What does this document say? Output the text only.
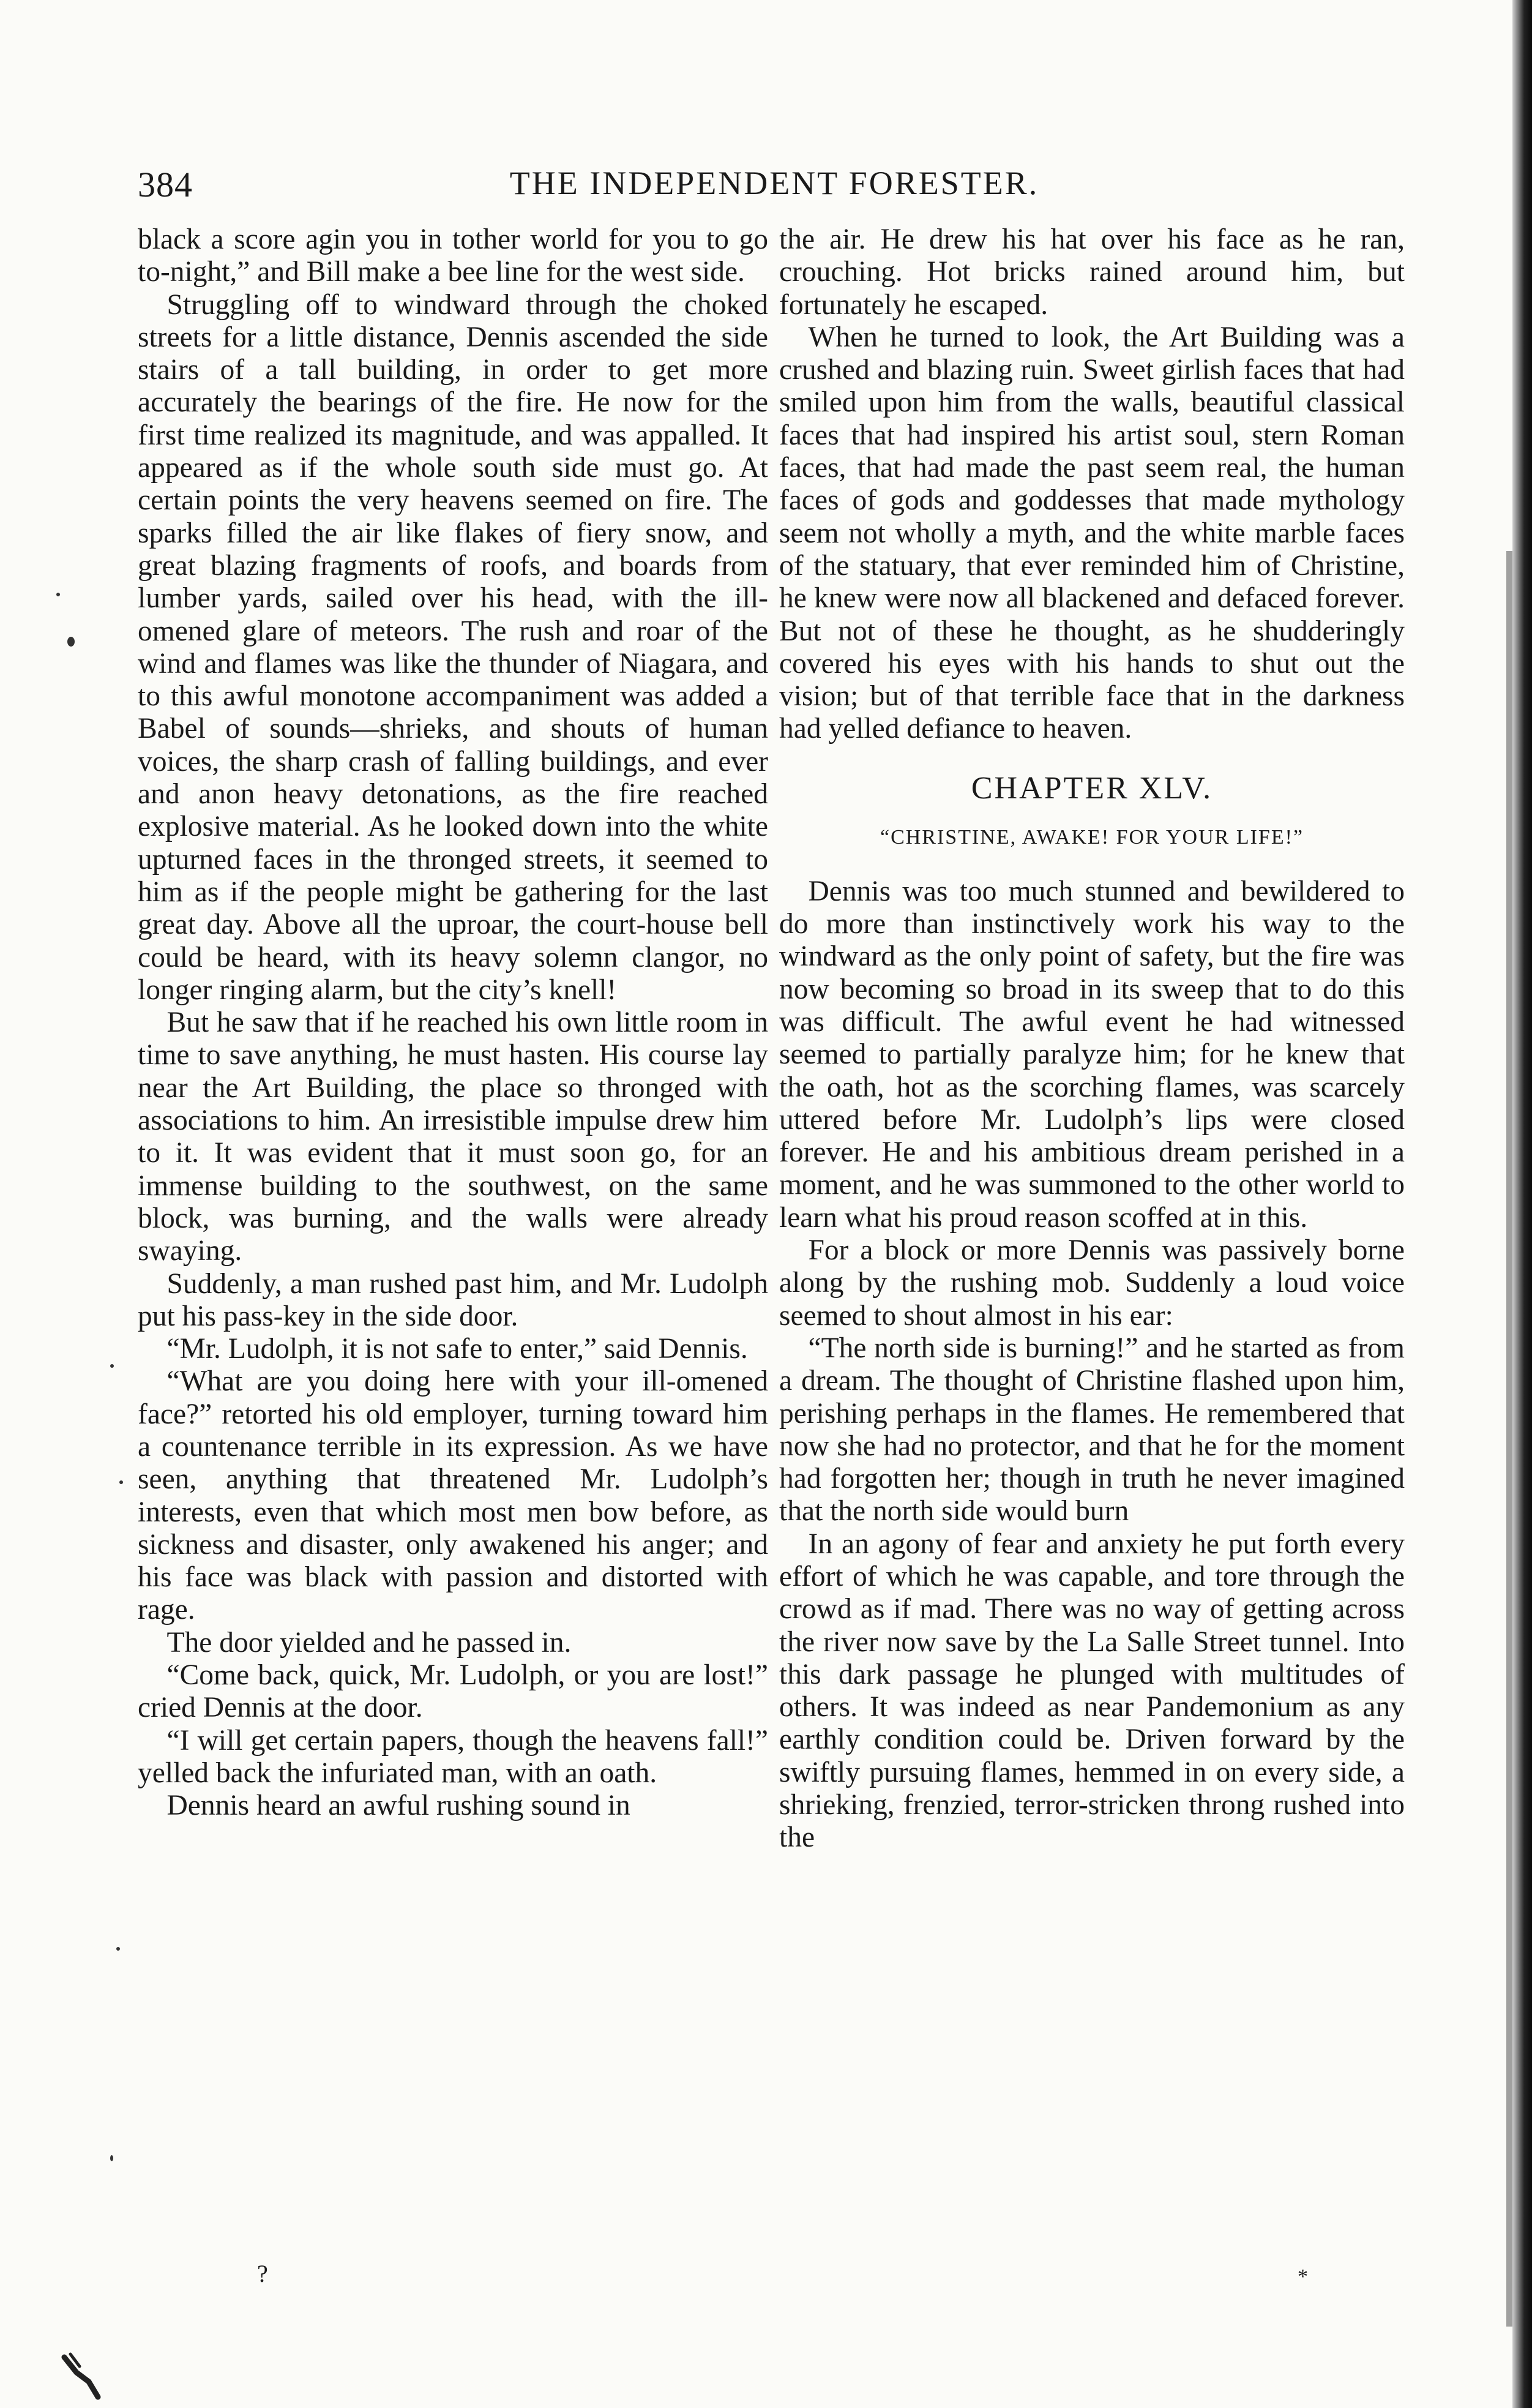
384	THE INDEPENDENT FORESTER.

black a score agin you in tother world for you to go to-night,” and Bill make a bee line for the west side.

Struggling off to windward through the choked streets for a little distance, Dennis ascended the side stairs of a tall building, in order to get more accurately the bearings of the fire. He now for the first time realized its magnitude, and was appalled. It appeared as if the whole south side must go. At certain points the very heavens seemed on fire. The sparks filled the air like flakes of fiery snow, and great blazing fragments of roofs, and boards from lumber yards, sailed over his head, with the ill-omened glare of meteors. The rush and roar of the wind and flames was like the thunder of Niagara, and to this awful monotone accompaniment was added a Babel of sounds—shrieks, and shouts of human voices, the sharp crash of falling buildings, and ever and anon heavy detonations, as the fire reached explosive material. As he looked down into the white upturned faces in the thronged streets, it seemed to him as if the people might be gathering for the last great day. Above all the uproar, the court-house bell could be heard, with its heavy solemn clangor, no longer ringing alarm, but the city’s knell!

But he saw that if he reached his own little room in time to save anything, he must hasten. His course lay near the Art Building, the place so thronged with associations to him. An irresistible impulse drew him to it. It was evident that it must soon go, for an immense building to the southwest, on the same block, was burning, and the walls were already swaying.

Suddenly, a man rushed past him, and Mr. Ludolph put his pass-key in the side door.

“Mr. Ludolph, it is not safe to enter,” said Dennis.

“What are you doing here with your ill-omened face?” retorted his old employer, turning toward him a countenance terrible in its expression. As we have seen, anything that threatened Mr. Ludolph’s interests, even that which most men bow before, as sickness and disaster, only awakened his anger; and his face was black with passion and distorted with rage.

The door yielded and he passed in.

“Come back, quick, Mr. Ludolph, or you are lost!” cried Dennis at the door.

“I will get certain papers, though the heavens fall!” yelled back the infuriated man, with an oath.

Dennis heard an awful rushing sound in

the air. He drew his hat over his face as he ran, crouching. Hot bricks rained around him, but fortunately he escaped.

When he turned to look, the Art Building was a crushed and blazing ruin. Sweet girlish faces that had smiled upon him from the walls, beautiful classical faces that had inspired his artist soul, stern Roman faces, that had made the past seem real, the human faces of gods and goddesses that made mythology seem not wholly a myth, and the white marble faces of the statuary, that ever reminded him of Christine, he knew were now all blackened and defaced forever. But not of these he thought, as he shudderingly covered his eyes with his hands to shut out the vision; but of that terrible face that in the darkness had yelled defiance to heaven.

CHAPTER XLV.
“CHRISTINE, AWAKE! FOR YOUR LIFE!”

Dennis was too much stunned and bewildered to do more than instinctively work his way to the windward as the only point of safety, but the fire was now becoming so broad in its sweep that to do this was difficult. The awful event he had witnessed seemed to partially paralyze him; for he knew that the oath, hot as the scorching flames, was scarcely uttered before Mr. Ludolph’s lips were closed forever. He and his ambitious dream perished in a moment, and he was summoned to the other world to learn what his proud reason scoffed at in this.

For a block or more Dennis was passively borne along by the rushing mob. Suddenly a loud voice seemed to shout almost in his ear:

“The north side is burning!” and he started as from a dream. The thought of Christine flashed upon him, perishing perhaps in the flames. He remembered that now she had no protector, and that he for the moment had forgotten her; though in truth he never imagined that the north side would burn

In an agony of fear and anxiety he put forth every effort of which he was capable, and tore through the crowd as if mad. There was no way of getting across the river now save by the La Salle Street tunnel. Into this dark passage he plunged with multitudes of others. It was indeed as near Pandemonium as any earthly condition could be. Driven forward by the swiftly pursuing flames, hemmed in on every side, a shrieking, frenzied, terror-stricken throng rushed into the

?	*
